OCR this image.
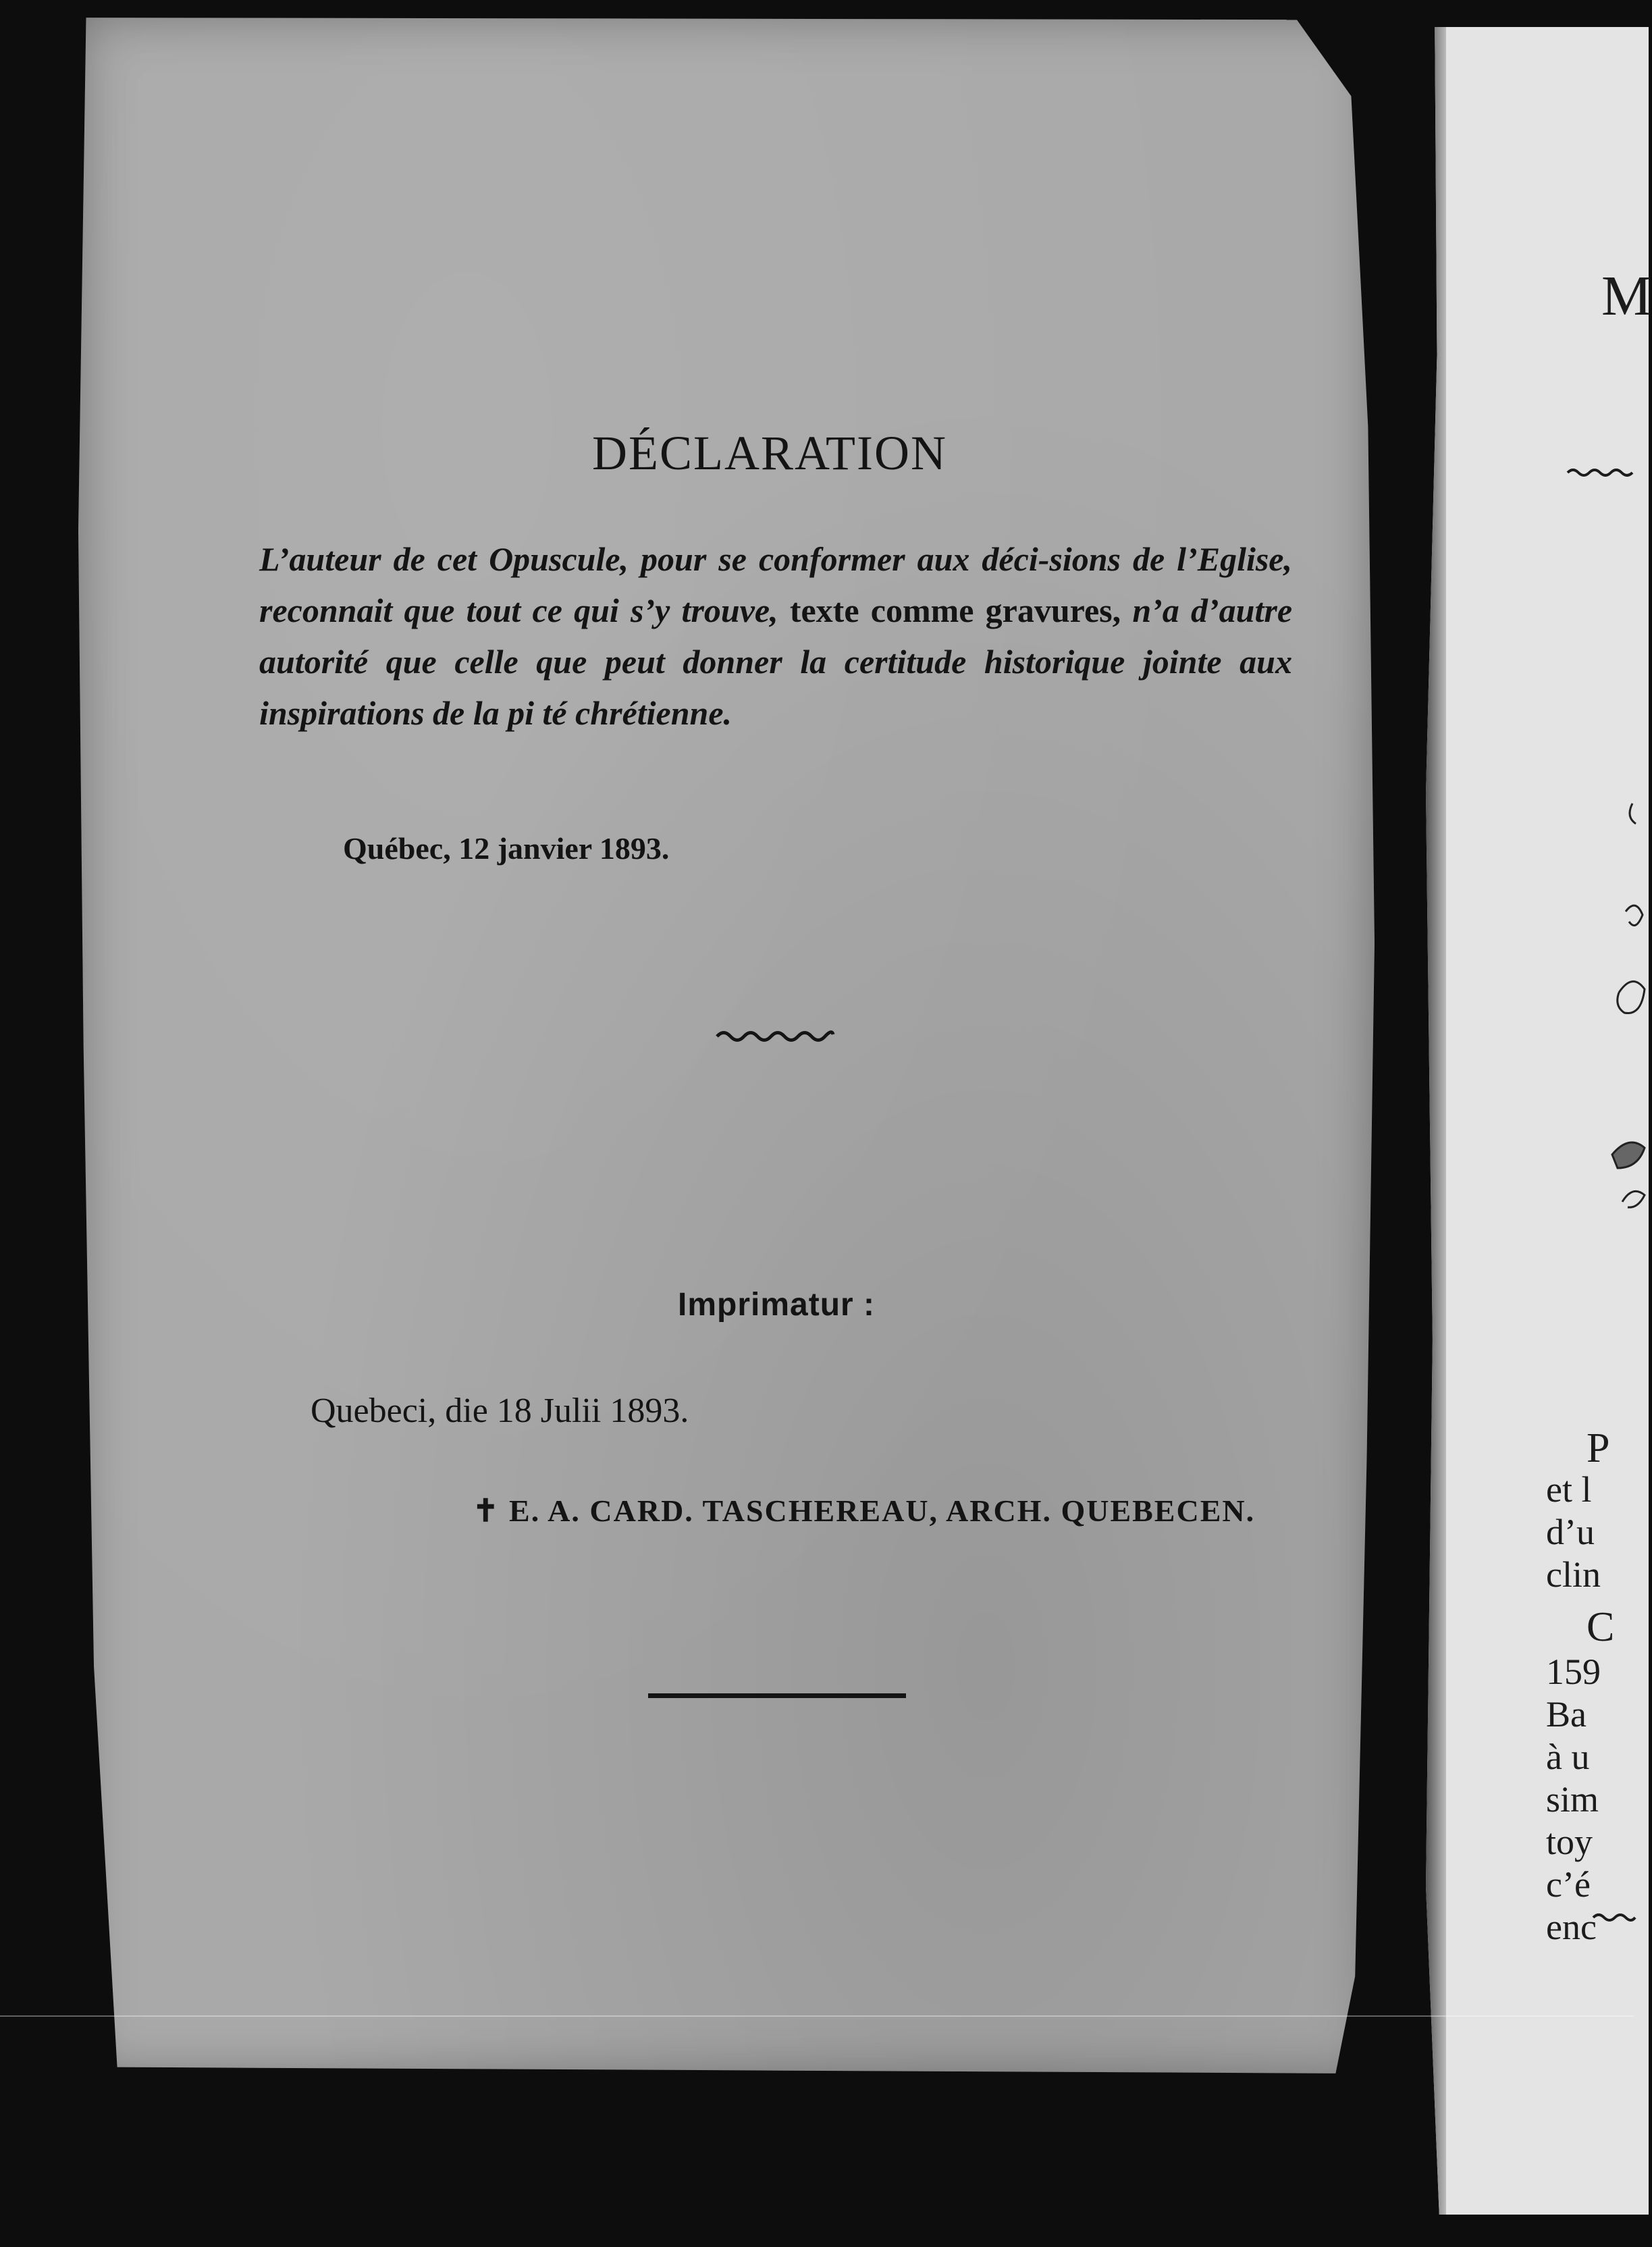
DÉCLARATION

L’auteur de cet Opuscule, pour se conformer aux déci-sions de l’Eglise, reconnait que tout ce qui s’y trouve, texte comme gravures, n’a d’autre autorité que celle que peut donner la certitude historique jointe aux inspirations de la pi té chrétienne.

Québec, 12 janvier 1893.

Imprimatur :

Quebeci, die 18 Julii 1893.

✝ E. A. CARD. TASCHEREAU, ARCH. QUEBECEN.

M
P
et l
d’u
clin
C
159
Ba
à u
sim
toy
c’é
enc
